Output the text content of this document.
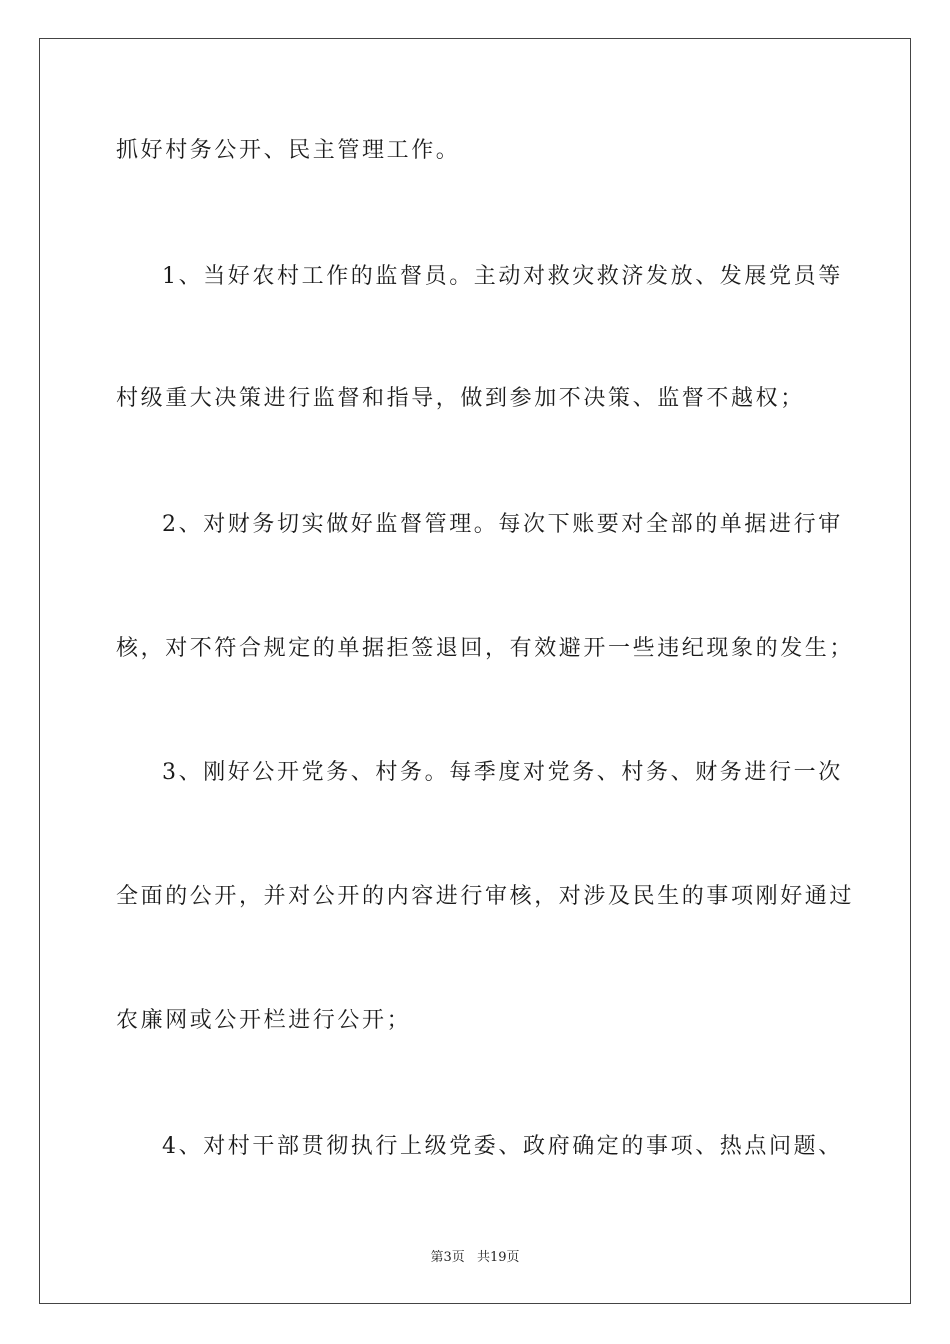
抓好村务公开、民主管理工作。
1、当好农村工作的监督员。主动对救灾救济发放、发展党员等
村级重大决策进行监督和指导，做到参加不决策、监督不越权；
2、对财务切实做好监督管理。每次下账要对全部的单据进行审
核，对不符合规定的单据拒签退回，有效避开一些违纪现象的发生；
3、刚好公开党务、村务。每季度对党务、村务、财务进行一次
全面的公开，并对公开的内容进行审核，对涉及民生的事项刚好通过
农廉网或公开栏进行公开；
4、对村干部贯彻执行上级党委、政府确定的事项、热点问题、
第3页 共19页
